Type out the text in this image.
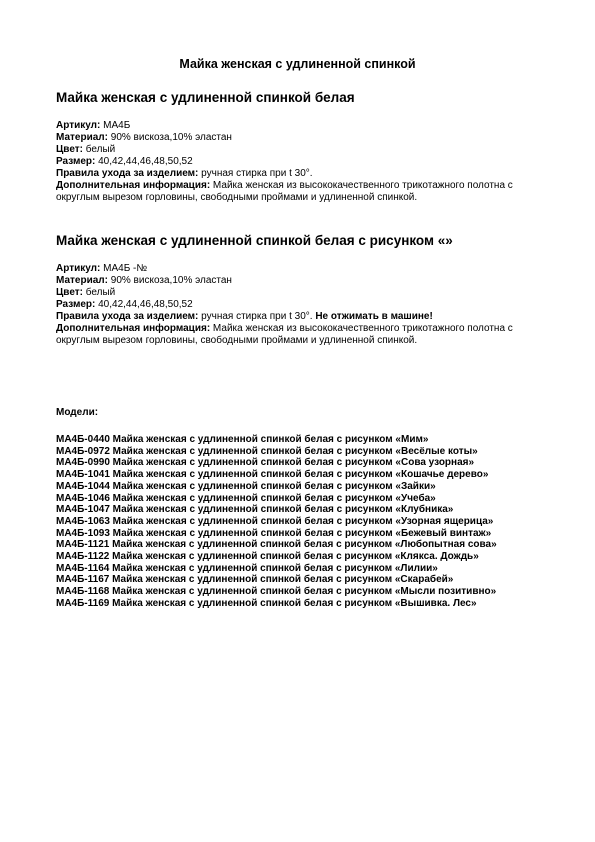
Майка женская с удлиненной спинкой
Майка женская с удлиненной спинкой белая
Артикул: МА4Б
Материал: 90% вискоза,10% эластан
Цвет: белый
Размер: 40,42,44,46,48,50,52
Правила ухода за изделием: ручная стирка при t 30°.
Дополнительная информация: Майка женская из высококачественного трикотажного полотна с округлым вырезом горловины, свободными проймами и удлиненной спинкой.
Майка женская с удлиненной спинкой белая с рисунком «»
Артикул: МА4Б -№
Материал: 90% вискоза,10% эластан
Цвет: белый
Размер: 40,42,44,46,48,50,52
Правила ухода за изделием: ручная стирка при t 30°. Не отжимать в машине!
Дополнительная информация: Майка женская из высококачественного трикотажного полотна с округлым вырезом горловины, свободными проймами и удлиненной спинкой.
Модели:
МА4Б-0440 Майка женская с удлиненной спинкой белая с рисунком «Мим»
МА4Б-0972 Майка женская с удлиненной спинкой белая с рисунком «Весёлые коты»
МА4Б-0990 Майка женская с удлиненной спинкой белая с рисунком «Сова узорная»
МА4Б-1041 Майка женская с удлиненной спинкой белая с рисунком «Кошачье дерево»
МА4Б-1044 Майка женская с удлиненной спинкой белая с рисунком «Зайки»
МА4Б-1046 Майка женская с удлиненной спинкой белая с рисунком «Учеба»
МА4Б-1047 Майка женская с удлиненной спинкой белая с рисунком «Клубника»
МА4Б-1063 Майка женская с удлиненной спинкой белая с рисунком «Узорная ящерица»
МА4Б-1093 Майка женская с удлиненной спинкой белая с рисунком «Бежевый винтаж»
МА4Б-1121 Майка женская с удлиненной спинкой белая с рисунком «Любопытная сова»
МА4Б-1122 Майка женская с удлиненной спинкой белая с рисунком «Клякса. Дождь»
МА4Б-1164 Майка женская с удлиненной спинкой белая с рисунком «Лилии»
МА4Б-1167 Майка женская с удлиненной спинкой белая с рисунком «Скарабей»
МА4Б-1168 Майка женская с удлиненной спинкой белая с рисунком «Мысли позитивно»
МА4Б-1169 Майка женская с удлиненной спинкой белая с рисунком «Вышивка. Лес»
